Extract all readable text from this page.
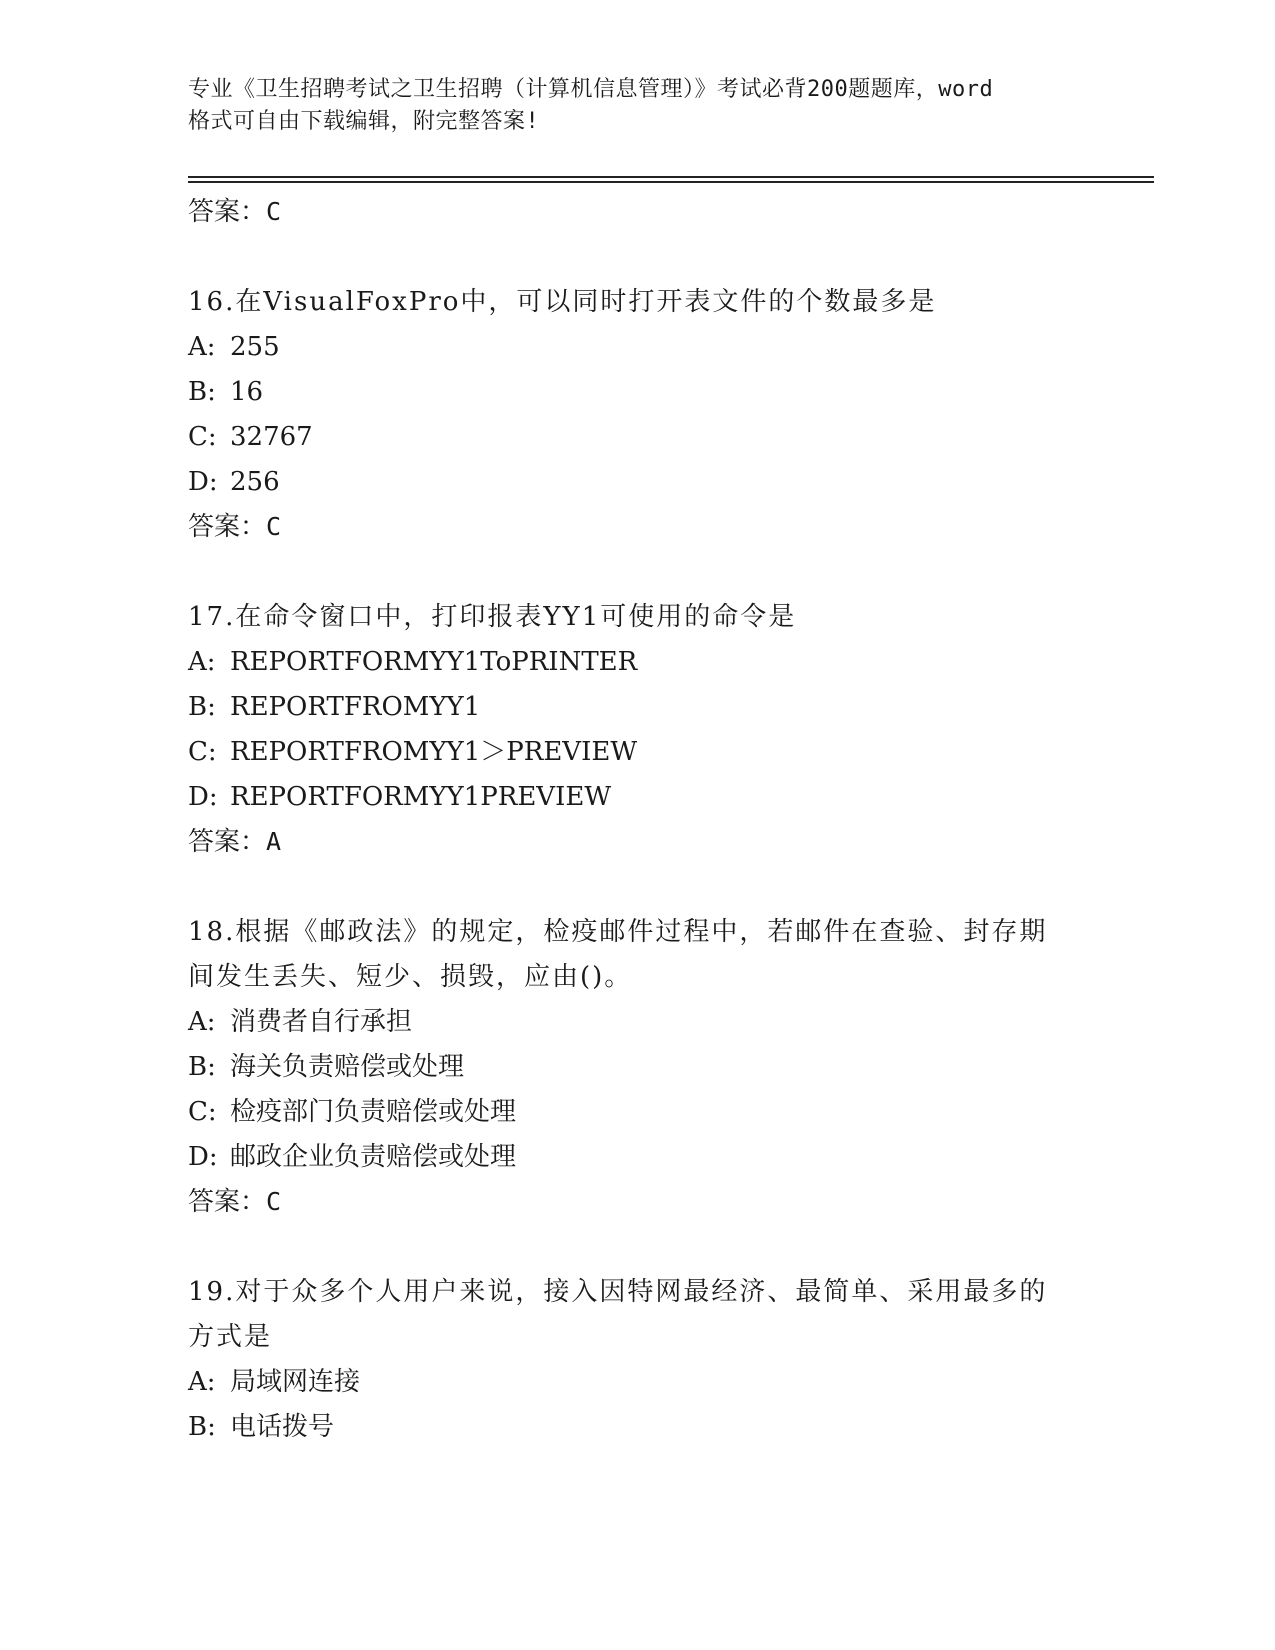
专业《卫生招聘考试之卫生招聘（计算机信息管理）》考试必背200题题库，word
格式可自由下载编辑，附完整答案!
答案：C
16.在VisualFoxPro中，可以同时打开表文件的个数最多是
A: 255
B: 16
C: 32767
D: 256
答案：C
17.在命令窗口中，打印报表YY1可使用的命令是
A: REPORTFORMYY1ToPRINTER
B: REPORTFROMYY1
C: REPORTFROMYY1＞PREVIEW
D: REPORTFORMYY1PREVIEW
答案：A
18.根据《邮政法》的规定，检疫邮件过程中，若邮件在查验、封存期间发生丢失、短少、损毁，应由()。
A: 消费者自行承担
B: 海关负责赔偿或处理
C: 检疫部门负责赔偿或处理
D: 邮政企业负责赔偿或处理
答案：C
19.对于众多个人用户来说，接入因特网最经济、最简单、采用最多的方式是
A: 局域网连接
B: 电话拨号
